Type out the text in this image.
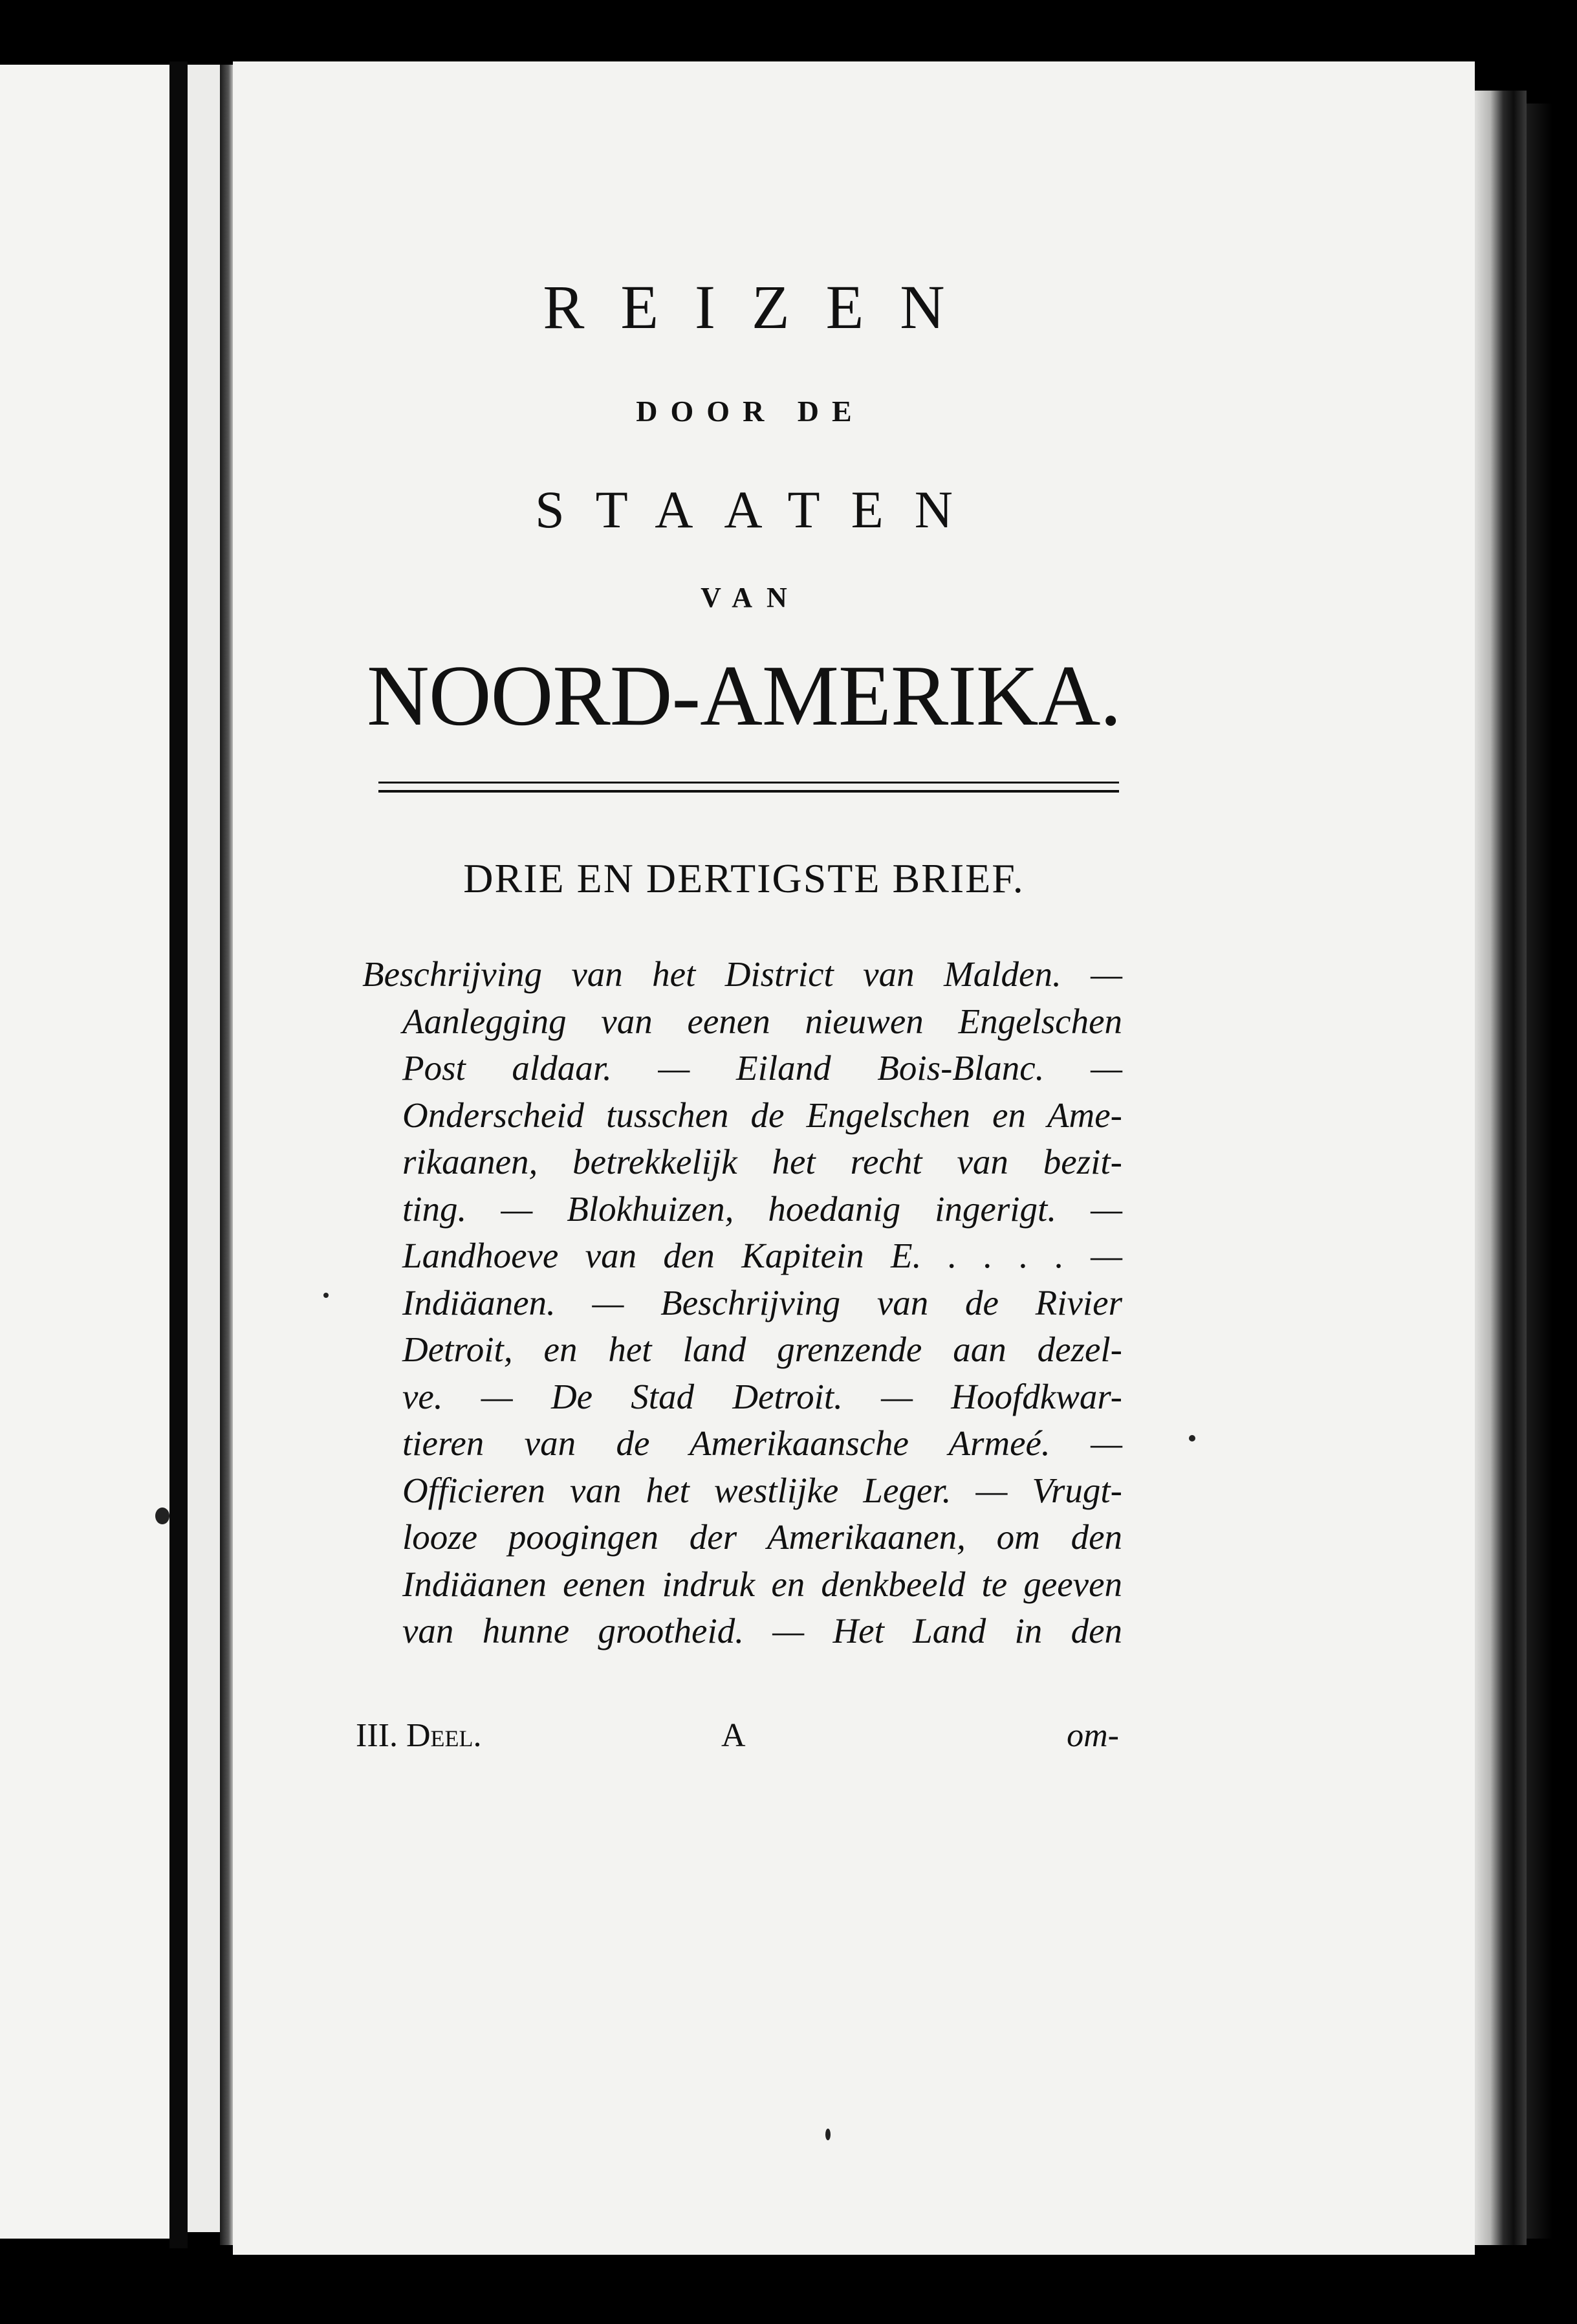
REIZEN
DOOR DE
STAATEN
VAN
NOORD-AMERIKA.
DRIE EN DERTIGSTE BRIEF.
Beschrijving van het District van Malden. —
Aanlegging van eenen nieuwen Engelschen
Post aldaar. — Eiland Bois-Blanc. —
Onderscheid tusschen de Engelschen en Ame-
rikaanen, betrekkelijk het recht van bezit-
ting. — Blokhuizen, hoedanig ingerigt. —
Landhoeve van den Kapitein E. . . . . —
Indiäanen. — Beschrijving van de Rivier
Detroit, en het land grenzende aan dezel-
ve. — De Stad Detroit. — Hoofdkwar-
tieren van de Amerikaansche Armeé. —
Officieren van het westlijke Leger. — Vrugt-
looze poogingen der Amerikaanen, om den
Indiäanen eenen indruk en denkbeeld te geeven
van hunne grootheid. — Het Land in den
III. Deel.	A	om-
